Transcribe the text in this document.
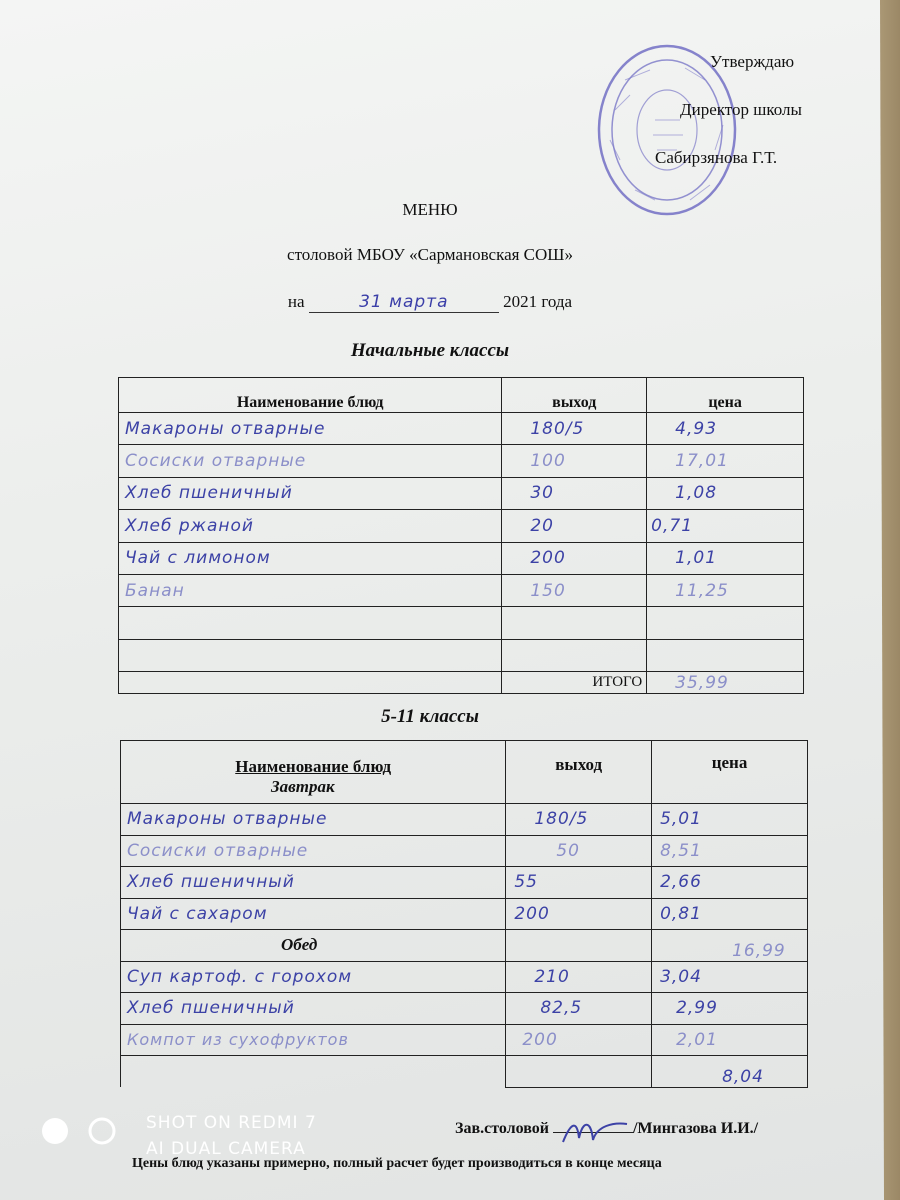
Утверждаю
Директор школы
Сабирзянова Г.Т.
МЕНЮ
столовой МБОУ «Сармановская СОШ»
на	31 марта	2021 года
Начальные классы
Наименование блюд	выход	цена
Макароны отварные	180/5	4,93
Сосиски отварные	100	17,01
Хлеб пшеничный	30	1,08
Хлеб ржаной	20	0,71
Чай с лимоном	200	1,01
Банан	150	11,25

	ИТОГО	35,99
5-11 классы
Наименование блюд
Завтрак	выход	цена
Макароны отварные	180/5	5,01
Сосиски отварные	50	8,51
Хлеб пшеничный	55	2,66
Чай с сахаром	200	0,81
Обед		16,99
Суп картоф. с горохом	210	3,04
Хлеб пшеничный	82,5	2,99
Компот из сухофруктов	200	2,01
		8,04
Зав.столовой	/Мингазова И.И./
Цены блюд указаны примерно, полный расчет будет производиться в конце месяца
SHOT ON REDMI 7
AI DUAL CAMERA
